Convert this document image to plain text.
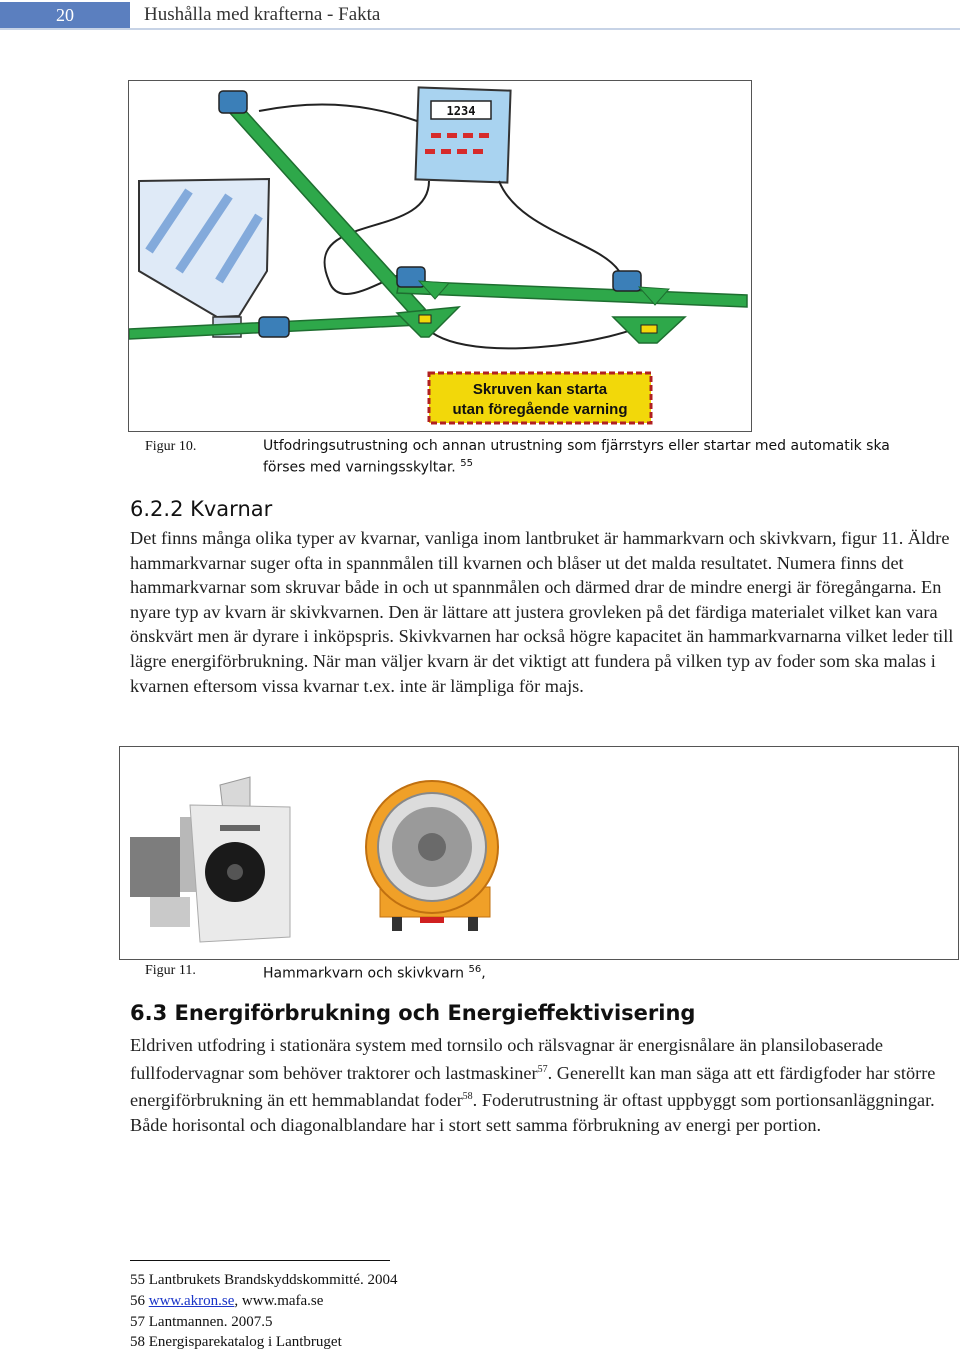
20	Hushålla med krafterna - Fakta
1234
Skruven kan starta
utan föregående varning
Figur 10.	Utfodringsutrustning och annan utrustning som fjärrstyrs eller startar med automatik ska förses med varningsskyltar. $^{55}$
6.2.2 Kvarnar

Det finns många olika typer av kvarnar, vanliga inom lantbruket är hammarkvarn och skivkvarn, figur 11. Äldre hammarkvarnar suger ofta in spannmålen till kvarnen och blåser ut det malda resultatet. Numera finns det hammarkvarnar som skruvar både in och ut spannmålen och därmed drar de mindre energi är föregångarna. En nyare typ av kvarn är skivkvarnen. Den är lättare att justera grovleken på det färdiga materialet vilket kan vara önskvärt men är dyrare i inköpspris. Skivkvarnen har också högre kapacitet än hammarkvarnarna vilket leder till lägre energiförbrukning. När man väljer kvarn är det viktigt att fundera på vilken typ av foder som ska malas i kvarnen eftersom vissa kvarnar t.ex. inte är lämpliga för majs.

Figur 11.	Hammarkvarn och skivkvarn $^{56}$,
6.3 Energiförbrukning och Energieffektivisering

Eldriven utfodring i stationära system med tornsilo och rälsvagnar är energisnålare än plansilobaserade fullfodervagnar som behöver traktorer och lastmaskiner$^{57}$. Generellt kan man säga att ett färdigfoder har större energiförbrukning än ett hemmablandat foder$^{58}$. Foderutrustning är oftast uppbyggt som portionsanläggningar. Både horisontal och diagonalblandare har i stort sett samma förbrukning av energi per portion.

55 Lantbrukets Brandskyddskommitté. 2004
56 www.akron.se, www.mafa.se
57 Lantmannen. 2007.5
58 Energisparekatalog i Lantbruget
